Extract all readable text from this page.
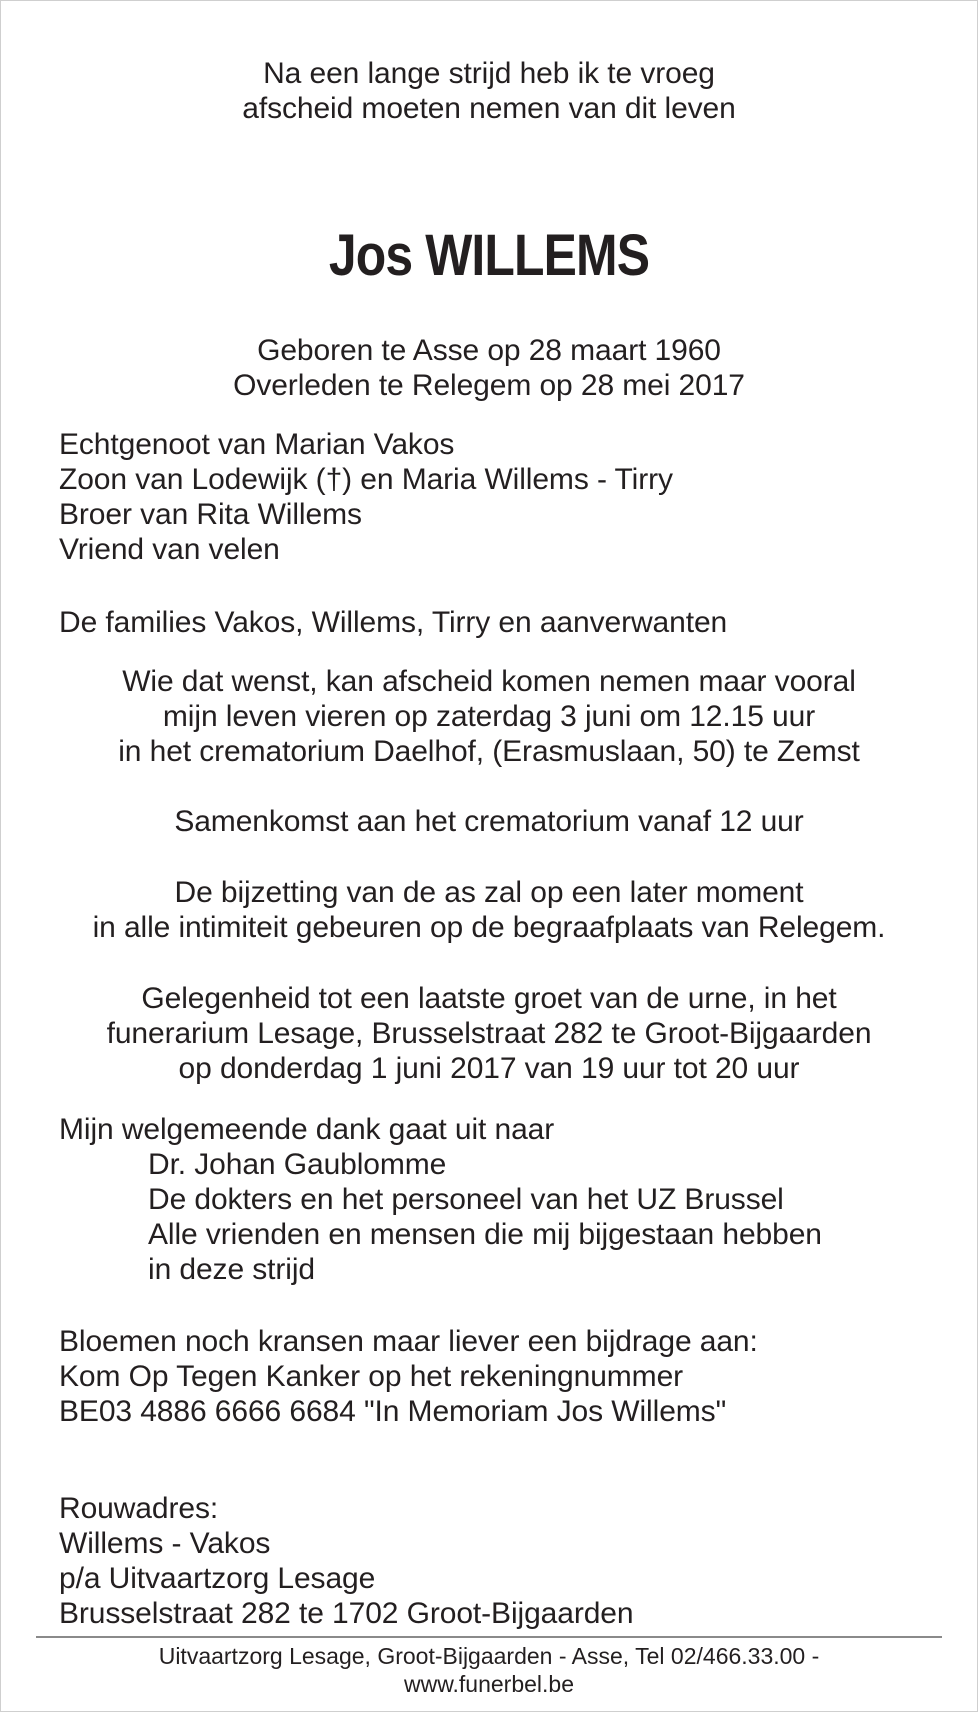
Na een lange strijd heb ik te vroeg
afscheid moeten nemen van dit leven
Jos WILLEMS
Geboren te Asse op 28 maart 1960
Overleden te Relegem op 28 mei 2017
Echtgenoot van Marian Vakos
Zoon van Lodewijk (†) en Maria Willems - Tirry
Broer van Rita Willems
Vriend van velen
De families Vakos, Willems, Tirry en aanverwanten
Wie dat wenst, kan afscheid komen nemen maar vooral
mijn leven vieren op zaterdag 3 juni om 12.15 uur
in het crematorium Daelhof, (Erasmuslaan, 50) te Zemst
Samenkomst aan het crematorium vanaf 12 uur
De bijzetting van de as zal op een later moment
in alle intimiteit gebeuren op de begraafplaats van Relegem.
Gelegenheid tot een laatste groet van de urne, in het
funerarium Lesage, Brusselstraat 282 te Groot-Bijgaarden
op donderdag 1 juni 2017 van 19 uur tot 20 uur
Mijn welgemeende dank gaat uit naar
Dr. Johan Gaublomme
De dokters en het personeel van het UZ Brussel
Alle vrienden en mensen die mij bijgestaan hebben
in deze strijd
Bloemen noch kransen maar liever een bijdrage aan:
Kom Op Tegen Kanker op het rekeningnummer
BE03 4886 6666 6684 "In Memoriam Jos Willems"
Rouwadres:
Willems - Vakos
p/a Uitvaartzorg Lesage
Brusselstraat 282 te 1702 Groot-Bijgaarden
Uitvaartzorg Lesage, Groot-Bijgaarden - Asse, Tel 02/466.33.00 -
www.funerbel.be
